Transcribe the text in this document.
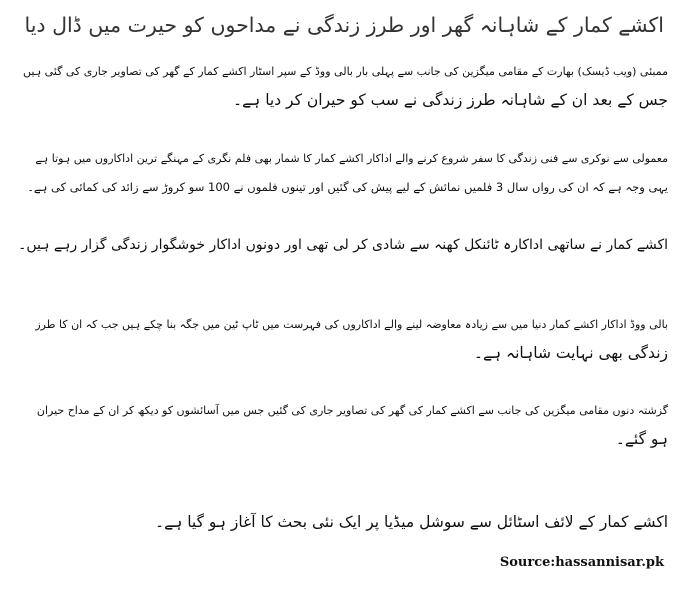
اکشے کمار کے شاہانہ گھر اور طرز زندگی نے مداحوں کو حیرت میں ڈال دیا
ممبئی (ویب ڈیسک) بھارت کے مقامی میگزین کی جانب سے پہلی بار بالی ووڈ کے سپر اسٹار اکشے کمار کے گھر کی تصاویر جاری کی گئی ہیں
جس کے بعد ان کے شاہانہ طرز زندگی نے سب کو حیران کر دیا ہے۔
معمولی سے نوکری سے فنی زندگی کا سفر شروع کرنے والے اداکار اکشے کمار کا شمار بھی فلم نگری کے مہنگے ترین اداکاروں میں ہوتا ہے
یہی وجہ ہے کہ ان کی رواں سال 3 فلمیں نمائش کے لیے پیش کی گئیں اور تینوں فلموں نے 100 سو کروڑ سے زائد کی کمائی کی ہے۔
اکشے کمار نے ساتھی اداکارہ ٹائنکل کھنہ سے شادی کر لی تھی اور دونوں اداکار خوشگوار زندگی گزار رہے ہیں۔
بالی ووڈ اداکار اکشے کمار دنیا میں سے زیادہ معاوضہ لینے والے اداکاروں کی فہرست میں ٹاپ ٹین میں جگہ بنا چکے ہیں جب کہ ان کا طرز
زندگی بھی نہایت شاہانہ ہے۔
گزشتہ دنوں مقامی میگزین کی جانب سے اکشے کمار کی گھر کی تصاویر جاری کی گئیں جس میں آسائشوں کو دیکھ کر ان کے مداح حیران
ہو گئے۔
اکشے کمار کے لائف اسٹائل سے سوشل میڈیا پر ایک نئی بحث کا آغاز ہو گیا ہے۔
Source:hassannisar.pk
